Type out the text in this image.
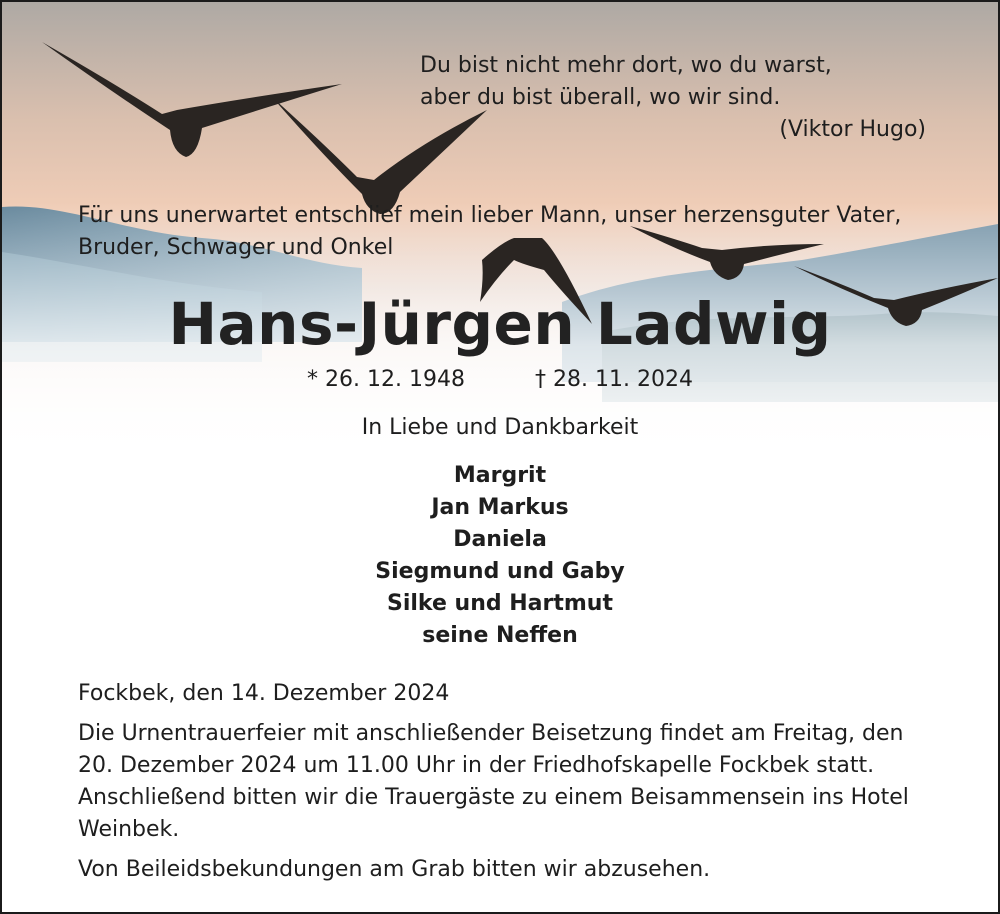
Du bist nicht mehr dort, wo du warst,
aber du bist überall, wo wir sind.
(Viktor Hugo)

Für uns unerwartet entschlief mein lieber Mann, unser herzensguter Vater,
Bruder, Schwager und Onkel

Hans-Jürgen Ladwig

* 26. 12. 1948	† 28. 11. 2024

In Liebe und Dankbarkeit

Margrit
Jan Markus
Daniela
Siegmund und Gaby
Silke und Hartmut
seine Neffen

Fockbek, den 14. Dezember 2024

Die Urnentrauerfeier mit anschließender Beisetzung findet am Freitag, den
20. Dezember 2024 um 11.00 Uhr in der Friedhofskapelle Fockbek statt.
Anschließend bitten wir die Trauergäste zu einem Beisammensein ins Hotel
Weinbek.

Von Beileidsbekundungen am Grab bitten wir abzusehen.
